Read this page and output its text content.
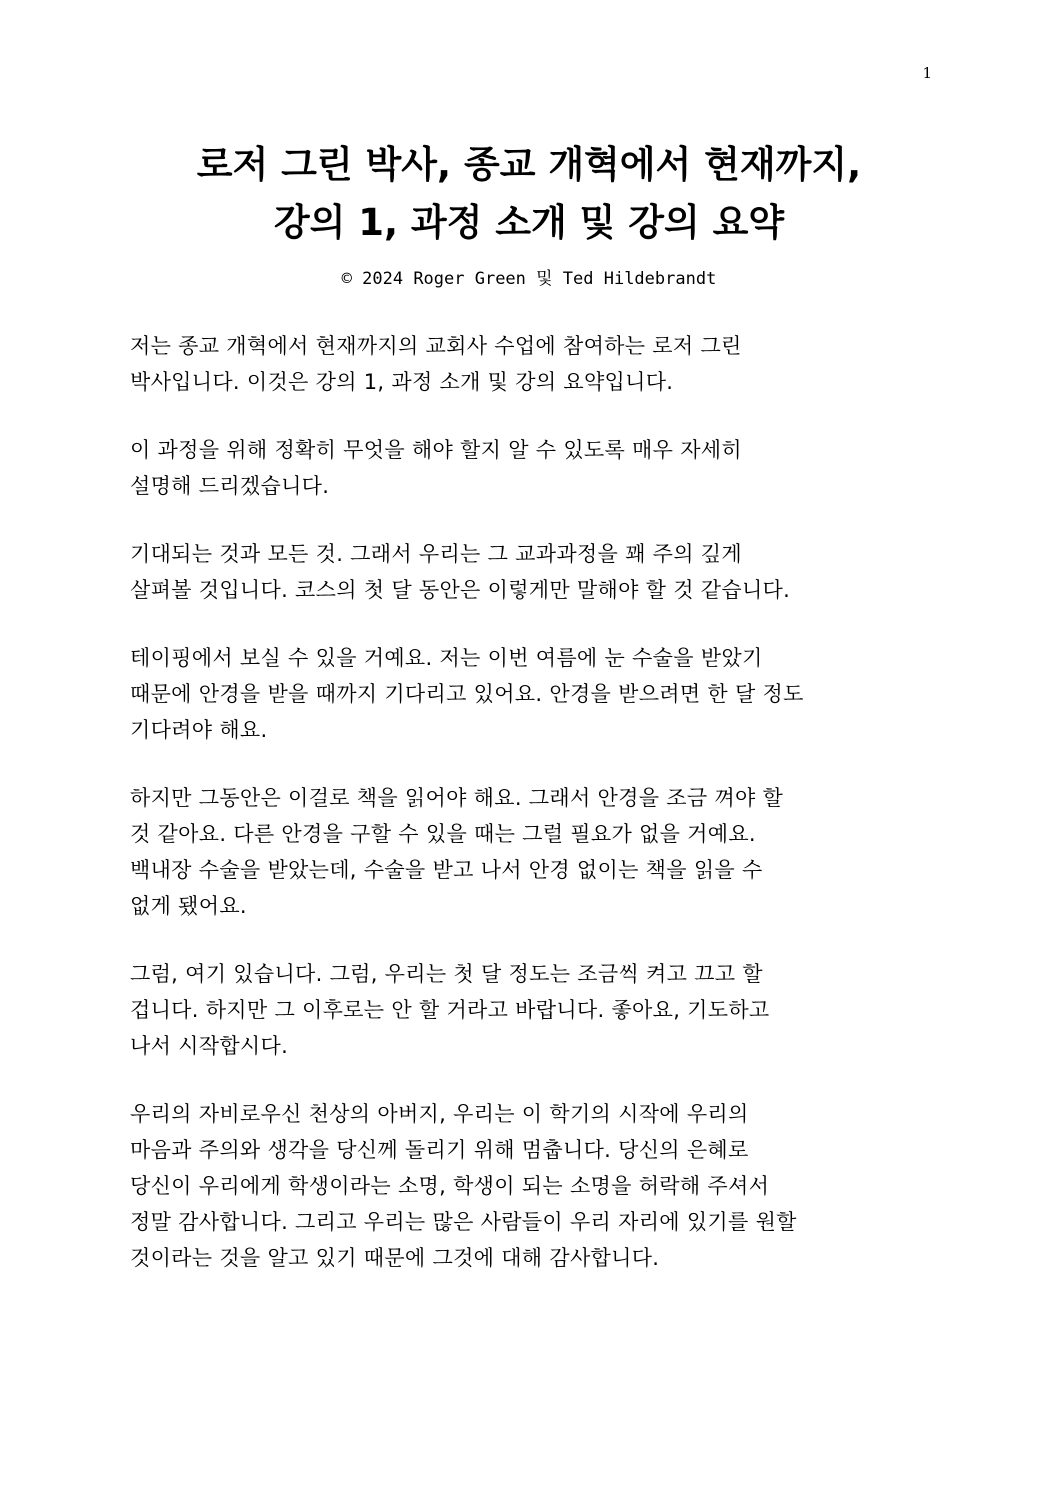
1
로저 그린 박사, 종교 개혁에서 현재까지,
강의 1, 과정 소개 및 강의 요약
© 2024 Roger Green 및 Ted Hildebrandt

저는 종교 개혁에서 현재까지의 교회사 수업에 참여하는 로저 그린
박사입니다. 이것은 강의 1, 과정 소개 및 강의 요약입니다.

이 과정을 위해 정확히 무엇을 해야 할지 알 수 있도록 매우 자세히
설명해 드리겠습니다.

기대되는 것과 모든 것. 그래서 우리는 그 교과과정을 꽤 주의 깊게
살펴볼 것입니다. 코스의 첫 달 동안은 이렇게만 말해야 할 것 같습니다.

테이핑에서 보실 수 있을 거예요. 저는 이번 여름에 눈 수술을 받았기
때문에 안경을 받을 때까지 기다리고 있어요. 안경을 받으려면 한 달 정도
기다려야 해요.

하지만 그동안은 이걸로 책을 읽어야 해요. 그래서 안경을 조금 껴야 할
것 같아요. 다른 안경을 구할 수 있을 때는 그럴 필요가 없을 거예요.
백내장 수술을 받았는데, 수술을 받고 나서 안경 없이는 책을 읽을 수
없게 됐어요.

그럼, 여기 있습니다. 그럼, 우리는 첫 달 정도는 조금씩 켜고 끄고 할
겁니다. 하지만 그 이후로는 안 할 거라고 바랍니다. 좋아요, 기도하고
나서 시작합시다.

우리의 자비로우신 천상의 아버지, 우리는 이 학기의 시작에 우리의
마음과 주의와 생각을 당신께 돌리기 위해 멈춥니다. 당신의 은혜로
당신이 우리에게 학생이라는 소명, 학생이 되는 소명을 허락해 주셔서
정말 감사합니다. 그리고 우리는 많은 사람들이 우리 자리에 있기를 원할
것이라는 것을 알고 있기 때문에 그것에 대해 감사합니다.
